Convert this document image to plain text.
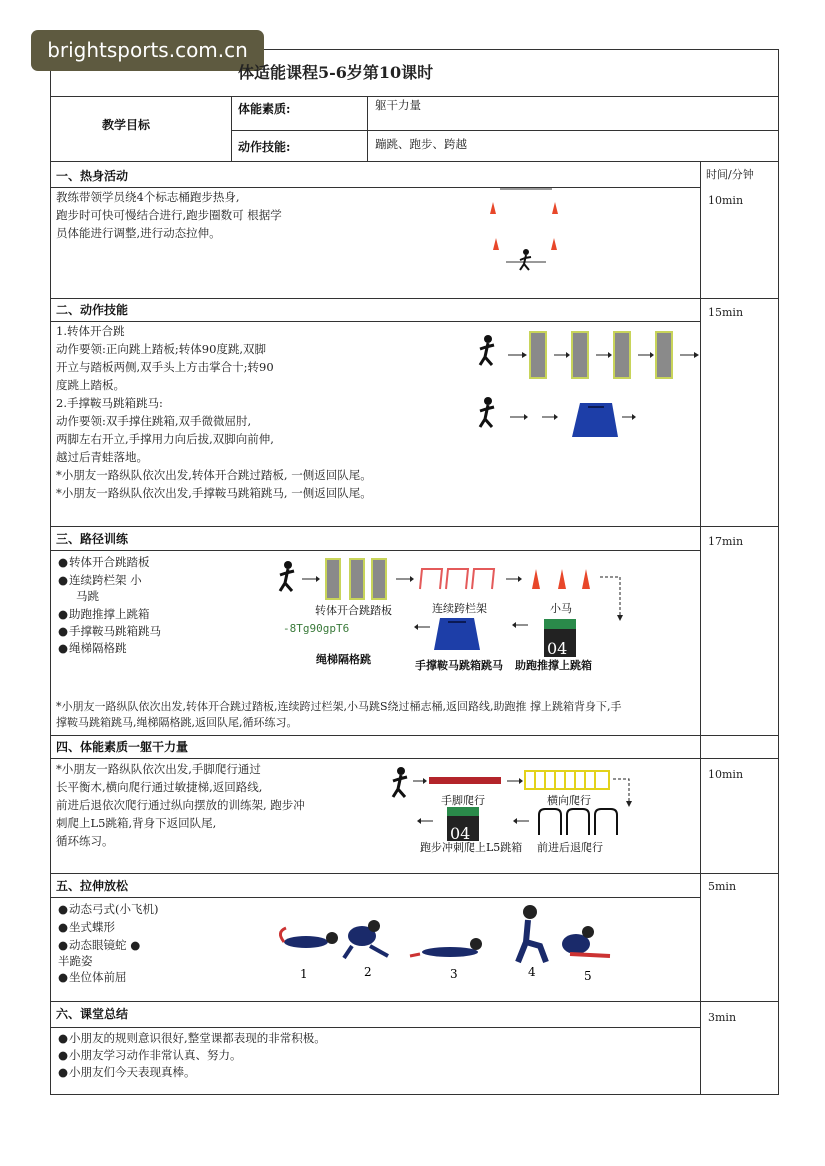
brightsports.com.cn
体适能课程5-6岁第10课时
教学目标
体能素质:	躯干力量
动作技能:	蹦跳、跑步、跨越
时间/分钟
一、热身活动
10min
教练带领学员绕4个标志桶跑步热身,
跑步时可快可慢结合进行,跑步圈数可 根据学
员体能进行调整,进行动态拉伸。
二、动作技能	15min
1.转体开合跳
动作要领:正向跳上踏板;转体90度跳,双脚
开立与踏板两侧,双手头上方击掌合十;转90
度跳上踏板。
2.手撑鞍马跳箱跳马:
动作要领:双手撑住跳箱,双手微微屈肘,
两脚左右开立,手撑用力向后拔,双脚向前伸,
越过后青蛙落地。
*小朋友一路纵队依次出发,转体开合跳过踏板, 一侧返回队尾。
*小朋友一路纵队依次出发,手撑鞍马跳箱跳马, 一侧返回队尾。
三、路径训练	17min
● 转体开合跳踏板
● 连续跨栏架 小
马跳
● 助跑推撑上跳箱
● 手撑鞍马跳箱跳马
● 绳梯隔格跳	04
转体开合跳踏板	连续跨栏架	小马
-8Tg90gpT6
绳梯隔格跳	手撑鞍马跳箱跳马 助跑推撑上跳箱
*小朋友一路纵队依次出发,转体开合跳过踏板,连续跨过栏架,小马跳S绕过桶志桶,返回路线,助跑推 撑上跳箱背身下,手
撑鞍马跳箱跳马,绳梯隔格跳,返回队尾,循环练习。
四、体能素质一躯干力量
10min
*小朋友一路纵队依次出发,手脚爬行通过
长平衡木,横向爬行通过敏捷梯,返回路线,
前进后退依次爬行通过纵向摆放的训练架, 跑步冲
刺爬上L5跳箱,背身下返回队尾,
循环练习。	04
手脚爬行	横向爬行
跑步冲刺爬上L5跳箱 前进后退爬行
五、拉伸放松	5min
● 动态弓式(小飞机)
● 坐式蝶形
● 动态眼镜蛇 ●
半跪姿
● 坐位体前屈	1	2	3	4	5
六、课堂总结	3min
● 小朋友的规则意识很好,整堂课都表现的非常积极。
● 小朋友学习动作非常认真、努力。
● 小朋友们今天表现真棒。
